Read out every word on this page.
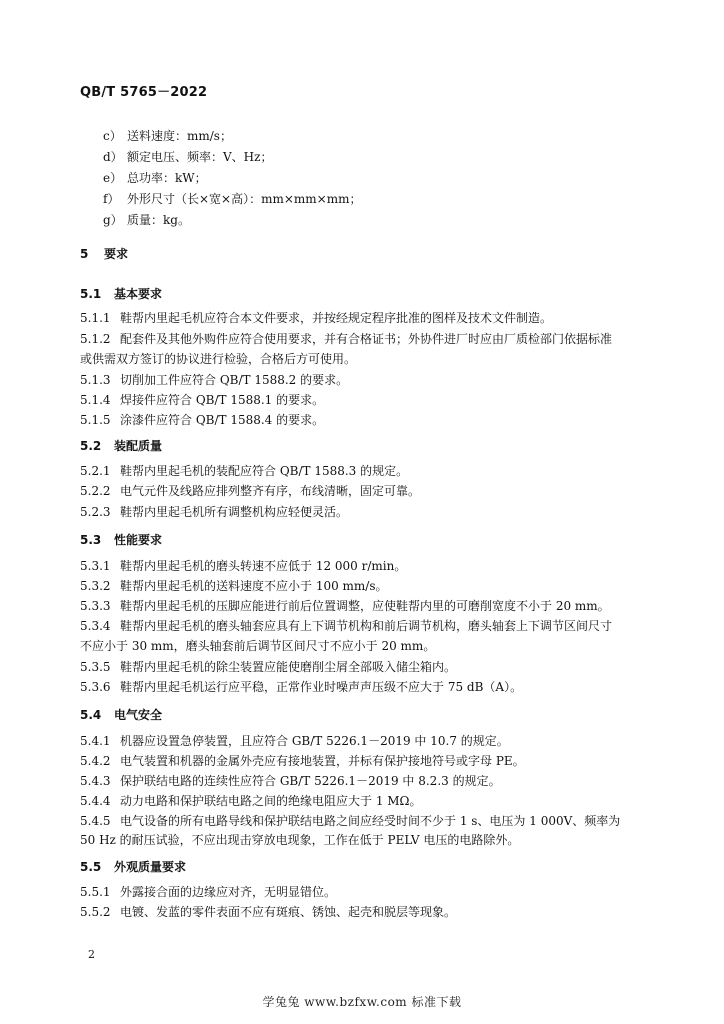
QB/T 5765－2022
c） 送料速度：mm/s；
d） 额定电压、频率：V、Hz；
e） 总功率：kW；
f） 外形尺寸（长×宽×高）：mm×mm×mm；
g） 质量：kg。
5 要求
5.1 基本要求
5.1.1 鞋帮内里起毛机应符合本文件要求，并按经规定程序批准的图样及技术文件制造。
5.1.2 配套件及其他外购件应符合使用要求，并有合格证书；外协件进厂时应由厂质检部门依据标准
或供需双方签订的协议进行检验，合格后方可使用。
5.1.3 切削加工件应符合 QB/T 1588.2 的要求。
5.1.4 焊接件应符合 QB/T 1588.1 的要求。
5.1.5 涂漆件应符合 QB/T 1588.4 的要求。
5.2 装配质量
5.2.1 鞋帮内里起毛机的装配应符合 QB/T 1588.3 的规定。
5.2.2 电气元件及线路应排列整齐有序，布线清晰，固定可靠。
5.2.3 鞋帮内里起毛机所有调整机构应轻便灵活。
5.3 性能要求
5.3.1 鞋帮内里起毛机的磨头转速不应低于 12 000 r/min。
5.3.2 鞋帮内里起毛机的送料速度不应小于 100 mm/s。
5.3.3 鞋帮内里起毛机的压脚应能进行前后位置调整，应使鞋帮内里的可磨削宽度不小于 20 mm。
5.3.4 鞋帮内里起毛机的磨头轴套应具有上下调节机构和前后调节机构，磨头轴套上下调节区间尺寸
不应小于 30 mm，磨头轴套前后调节区间尺寸不应小于 20 mm。
5.3.5 鞋帮内里起毛机的除尘装置应能使磨削尘屑全部吸入储尘箱内。
5.3.6 鞋帮内里起毛机运行应平稳，正常作业时噪声声压级不应大于 75 dB（A）。
5.4 电气安全
5.4.1 机器应设置急停装置，且应符合 GB/T 5226.1－2019 中 10.7 的规定。
5.4.2 电气装置和机器的金属外壳应有接地装置，并标有保护接地符号或字母 PE。
5.4.3 保护联结电路的连续性应符合 GB/T 5226.1－2019 中 8.2.3 的规定。
5.4.4 动力电路和保护联结电路之间的绝缘电阻应大于 1 MΩ。
5.4.5 电气设备的所有电路导线和保护联结电路之间应经受时间不少于 1 s、电压为 1 000V、频率为
50 Hz 的耐压试验，不应出现击穿放电现象，工作在低于 PELV 电压的电路除外。
5.5 外观质量要求
5.5.1 外露接合面的边缘应对齐，无明显错位。
5.5.2 电镀、发蓝的零件表面不应有斑痕、锈蚀、起壳和脱层等现象。
2
学兔兔 www.bzfxw.com 标准下载
